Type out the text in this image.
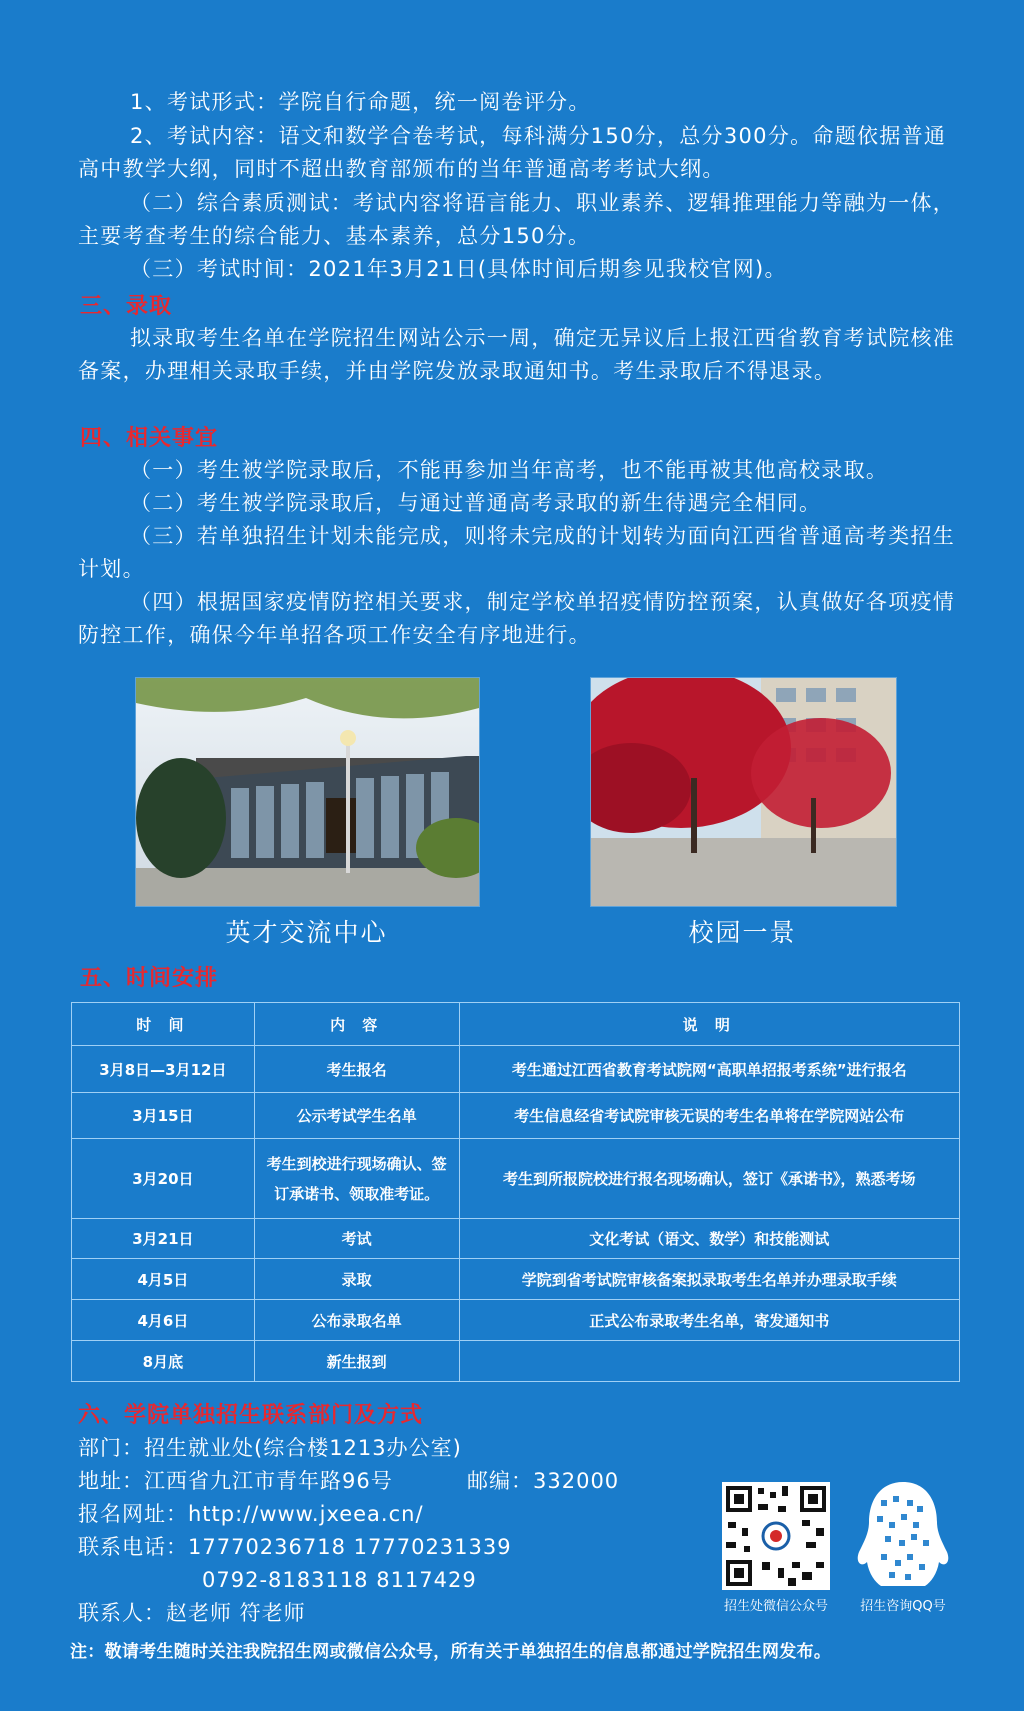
1、考试形式：学院自行命题，统一阅卷评分。

2、考试内容：语文和数学合卷考试，每科满分150分，总分300分。命题依据普通高中教学大纲，同时不超出教育部颁布的当年普通高考考试大纲。

（二）综合素质测试：考试内容将语言能力、职业素养、逻辑推理能力等融为一体，主要考查考生的综合能力、基本素养，总分150分。

（三）考试时间：2021年3月21日(具体时间后期参见我校官网)。

三、录取

拟录取考生名单在学院招生网站公示一周，确定无异议后上报江西省教育考试院核准备案，办理相关录取手续，并由学院发放录取通知书。考生录取后不得退录。

四、相关事宜

（一）考生被学院录取后，不能再参加当年高考，也不能再被其他高校录取。

（二）考生被学院录取后，与通过普通高考录取的新生待遇完全相同。

（三）若单独招生计划未能完成，则将未完成的计划转为面向江西省普通高考类招生计划。

（四）根据国家疫情防控相关要求，制定学校单招疫情防控预案，认真做好各项疫情防控工作，确保今年单招各项工作安全有序地进行。

英才交流中心	校园一景
五、时间安排
时 间	内 容	说 明
3月8日—3月12日	考生报名	考生通过江西省教育考试院网“高职单招报考系统”进行报名
3月15日	公示考试学生名单	考生信息经省考试院审核无误的考生名单将在学院网站公布
3月20日	考生到校进行现场确认、签订承诺书、领取准考证。	考生到所报院校进行报名现场确认，签订《承诺书》，熟悉考场
3月21日	考试	文化考试（语文、数学）和技能测试
4月5日	录取	学院到省考试院审核备案拟录取考生名单并办理录取手续
4月6日	公布录取名单	正式公布录取考生名单，寄发通知书
8月底	新生报到	
六、学院单独招生联系部门及方式
部门：招生就业处(综合楼1213办公室)
地址：江西省九江市青年路96号	邮编：332000
报名网址：http://www.jxeea.cn/
联系电话：17770236718 17770231339
0792-8183118 8117429
联系人：赵老师 符老师	招生处微信公众号	招生咨询QQ号
注：敬请考生随时关注我院招生网或微信公众号，所有关于单独招生的信息都通过学院招生网发布。
